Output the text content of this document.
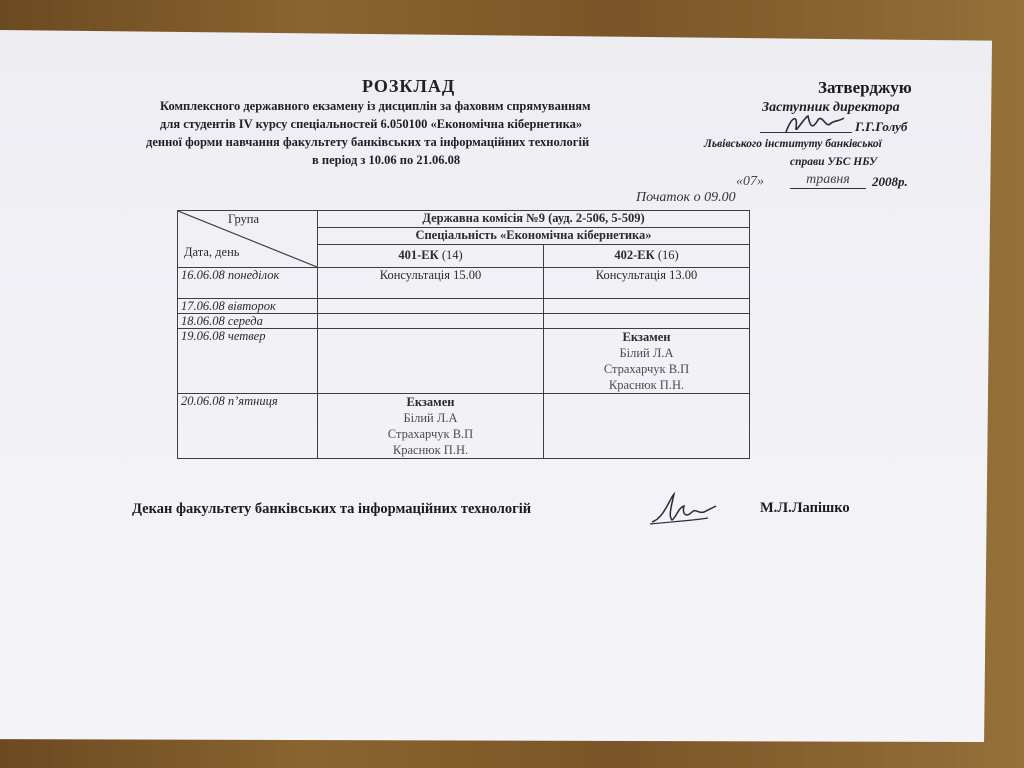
РОЗКЛАД
Комплексного державного екзамену із дисциплін за фаховим спрямуванням
для студентів IV курсу спеціальностей 6.050100 «Економічна кібернетика»
денної форми навчання факультету банківських та інформаційних технологій
в період з 10.06 по 21.06.08
Затверджую
Заступник директора
Г.Г.Голуб
Львівського інституту банківської
справи УБС НБУ
«07»	травня	2008р.
Початок о 09.00
Група
Дата, день	Державна комісія №9 (ауд. 2-506, 5-509)	
	Спеціальність «Економічна кібернетика»	
	401-ЕК (14)	402-ЕК (16)
16.06.08 понеділок	Консультація 15.00	Консультація 13.00
17.06.08 вівторок		
18.06.08 середа		
19.06.08 четвер		Екзамен
Білий Л.А
Страхарчук В.П
Краснюк П.Н.

20.06.08 п’ятниця	Екзамен
Білий Л.А
Страхарчук В.П
Краснюк П.Н.	

Декан факультету банківських та інформаційних технологій	М.Л.Лапішко
